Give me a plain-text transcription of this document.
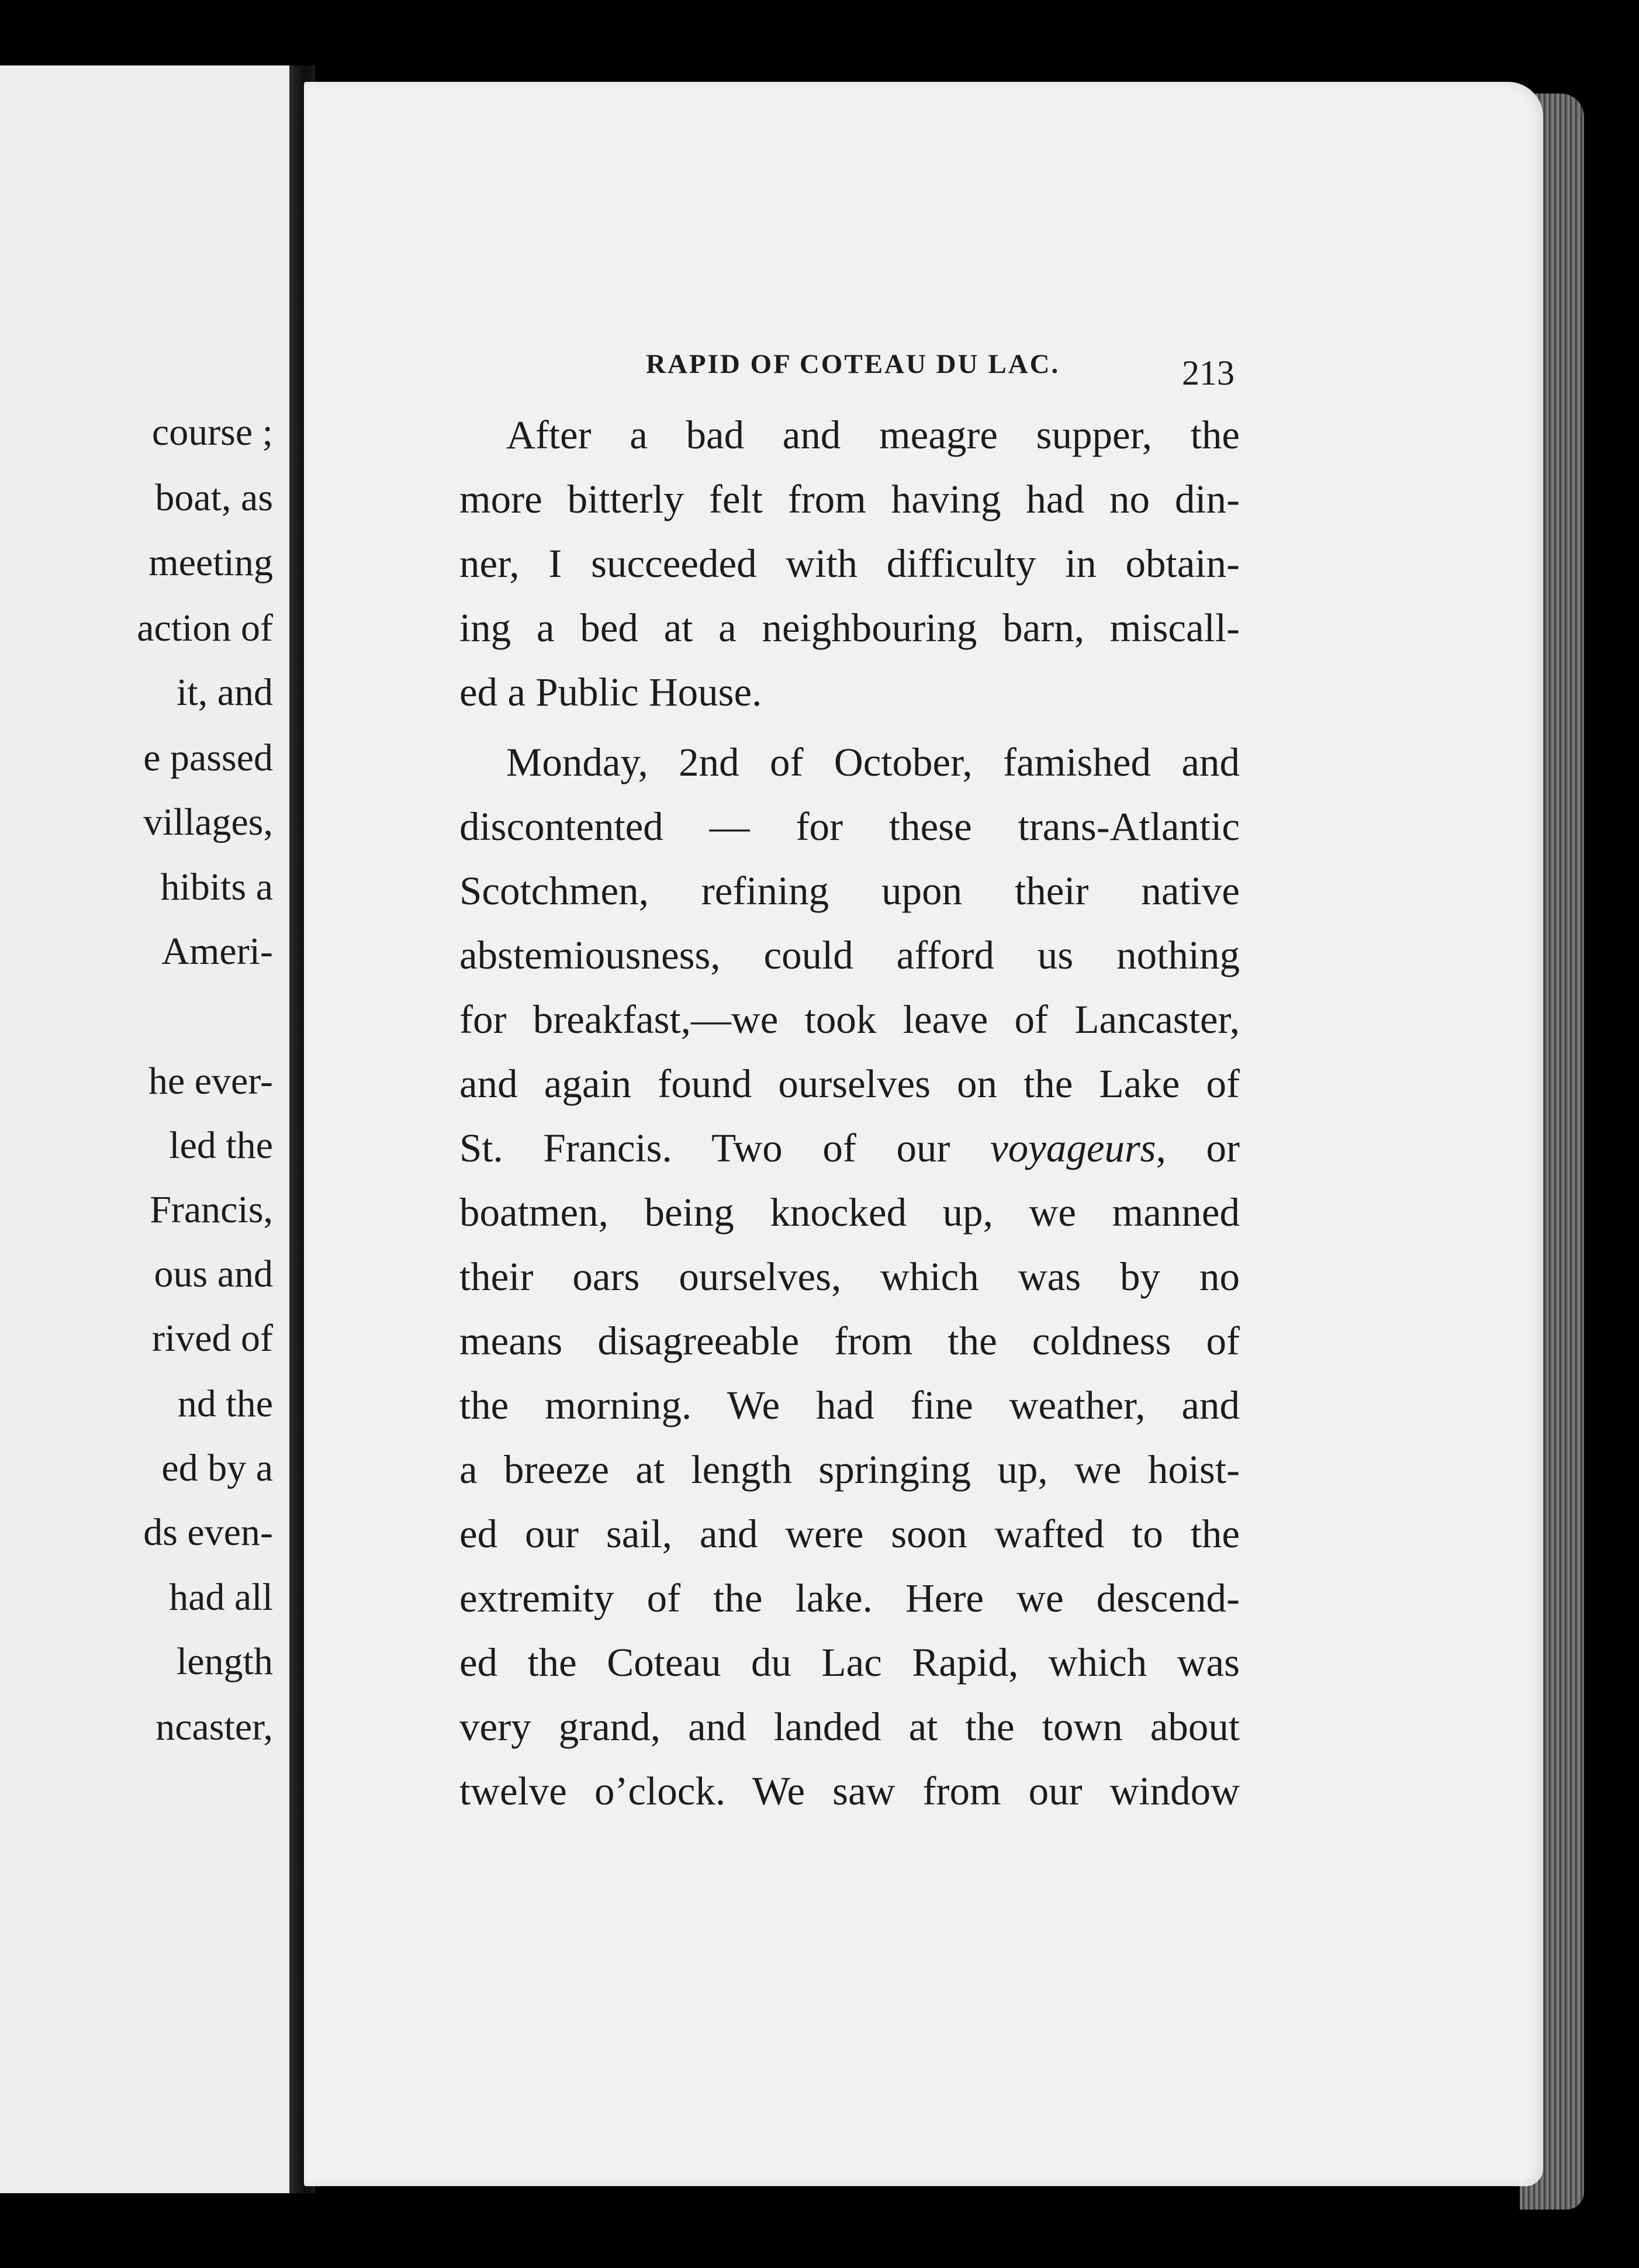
course ;
boat, as
meeting
action of
it, and
e passed
villages,
hibits a
Ameri-
he ever-
led the
Francis,
ous and
rived of
nd the
ed by a
ds even-
had all
length
ncaster,
RAPID OF COTEAU DU LAC.	213
After a bad and meagre supper, the
more bitterly felt from having had no din-
ner, I succeeded with difficulty in obtain-
ing a bed at a neighbouring barn, miscall-
ed a Public House.
Monday, 2nd of October, famished and
discontented — for these trans-Atlantic
Scotchmen, refining upon their native
abstemiousness, could afford us nothing
for breakfast,—we took leave of Lancaster,
and again found ourselves on the Lake of
St. Francis. Two of our voyageurs, or
boatmen, being knocked up, we manned
their oars ourselves, which was by no
means disagreeable from the coldness of
the morning. We had fine weather, and
a breeze at length springing up, we hoist-
ed our sail, and were soon wafted to the
extremity of the lake. Here we descend-
ed the Coteau du Lac Rapid, which was
very grand, and landed at the town about
twelve o’clock. We saw from our window
